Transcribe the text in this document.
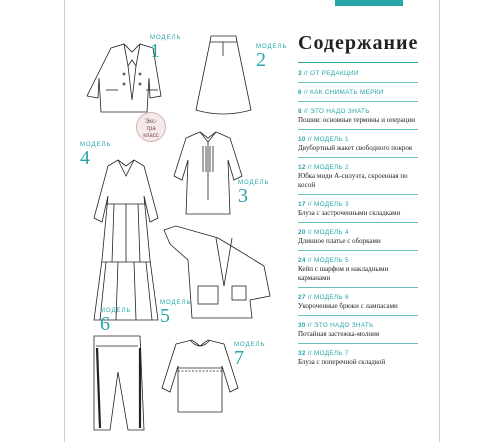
МОДЕЛЬ
1	МОДЕЛЬ
2
МОДЕЛЬ
3
МОДЕЛЬ
4
МОДЕЛЬ
5
МОДЕЛЬ
6
МОДЕЛЬ
7
Экс-
тра
класс
Содержание
3 // ОТ РЕДАКЦИИ
6 // КАК СНИМАТЬ МЕРКИ
8 // ЭТО НАДО ЗНАТЬ
Пошив: основные термины и операции
10 // МОДЕЛЬ 1
Двубортный жакет свободного покроя
12 // МОДЕЛЬ 2
Юбка миди А-силуэта, скроенная по косой
17 // МОДЕЛЬ 3
Блуза с застроченными складками
20 // МОДЕЛЬ 4
Длинное платье с оборками
24 // МОДЕЛЬ 5
Кейп с шарфом и накладными карманами
27 // МОДЕЛЬ 6
Укороченные брюки с лампасами
30 // ЭТО НАДО ЗНАТЬ
Потайная застежка-молния
32 // МОДЕЛЬ 7
Блуза с поперечной складкой
